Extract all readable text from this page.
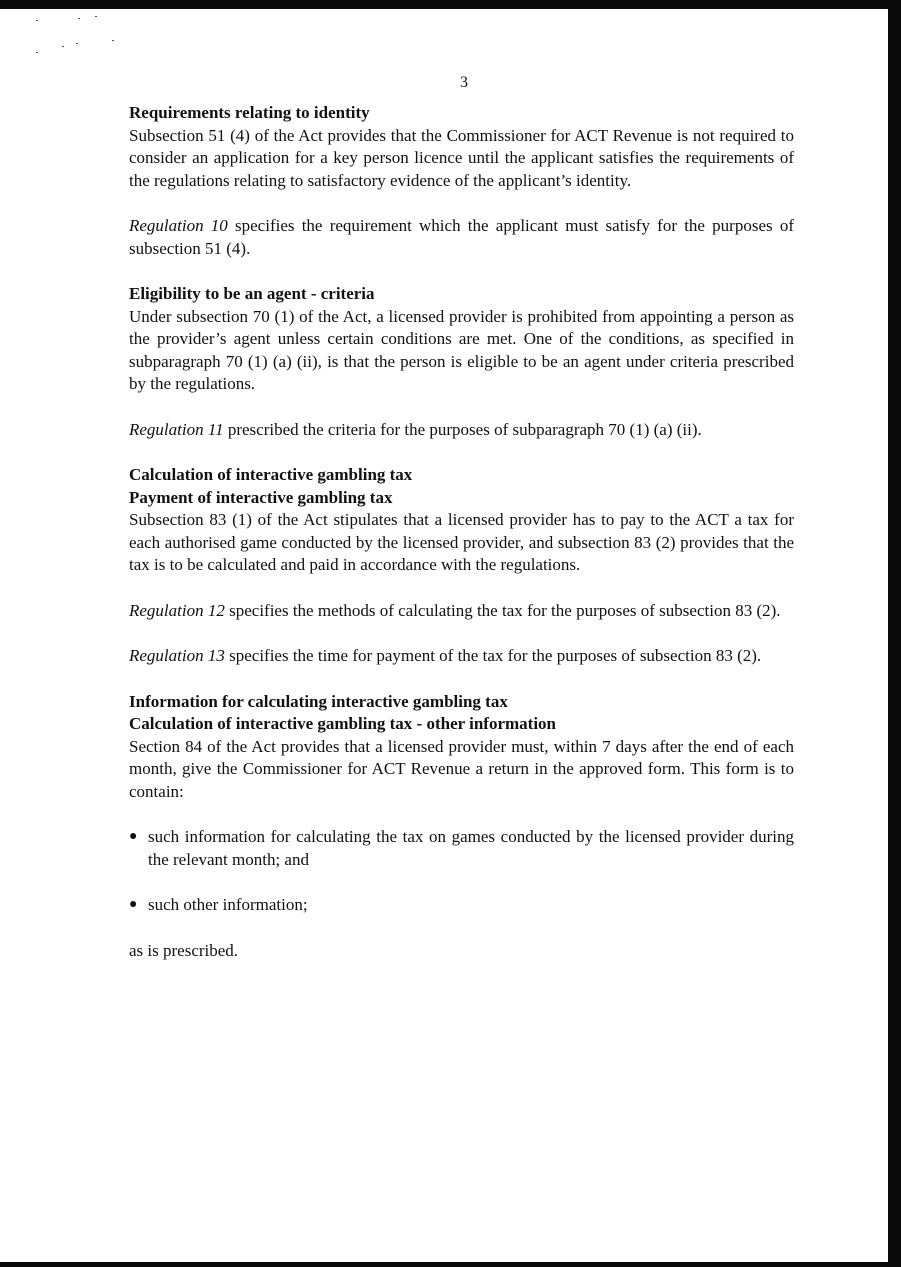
3

Requirements relating to identity

Subsection 51 (4) of the Act provides that the Commissioner for ACT Revenue is not required to consider an application for a key person licence until the applicant satisfies the requirements of the regulations relating to satisfactory evidence of the applicant’s identity.

Regulation 10 specifies the requirement which the applicant must satisfy for the purposes of subsection 51 (4).

Eligibility to be an agent - criteria

Under subsection 70 (1) of the Act, a licensed provider is prohibited from appointing a person as the provider’s agent unless certain conditions are met. One of the conditions, as specified in subparagraph 70 (1) (a) (ii), is that the person is eligible to be an agent under criteria prescribed by the regulations.

Regulation 11 prescribed the criteria for the purposes of subparagraph 70 (1) (a) (ii).

Calculation of interactive gambling tax

Payment of interactive gambling tax

Subsection 83 (1) of the Act stipulates that a licensed provider has to pay to the ACT a tax for each authorised game conducted by the licensed provider, and subsection 83 (2) provides that the tax is to be calculated and paid in accordance with the regulations.

Regulation 12 specifies the methods of calculating the tax for the purposes of subsection 83 (2).

Regulation 13 specifies the time for payment of the tax for the purposes of subsection 83 (2).

Information for calculating interactive gambling tax

Calculation of interactive gambling tax - other information

Section 84 of the Act provides that a licensed provider must, within 7 days after the end of each month, give the Commissioner for ACT Revenue a return in the approved form. This form is to contain:

● such information for calculating the tax on games conducted by the licensed provider during the relevant month; and
● such other information;

as is prescribed.
